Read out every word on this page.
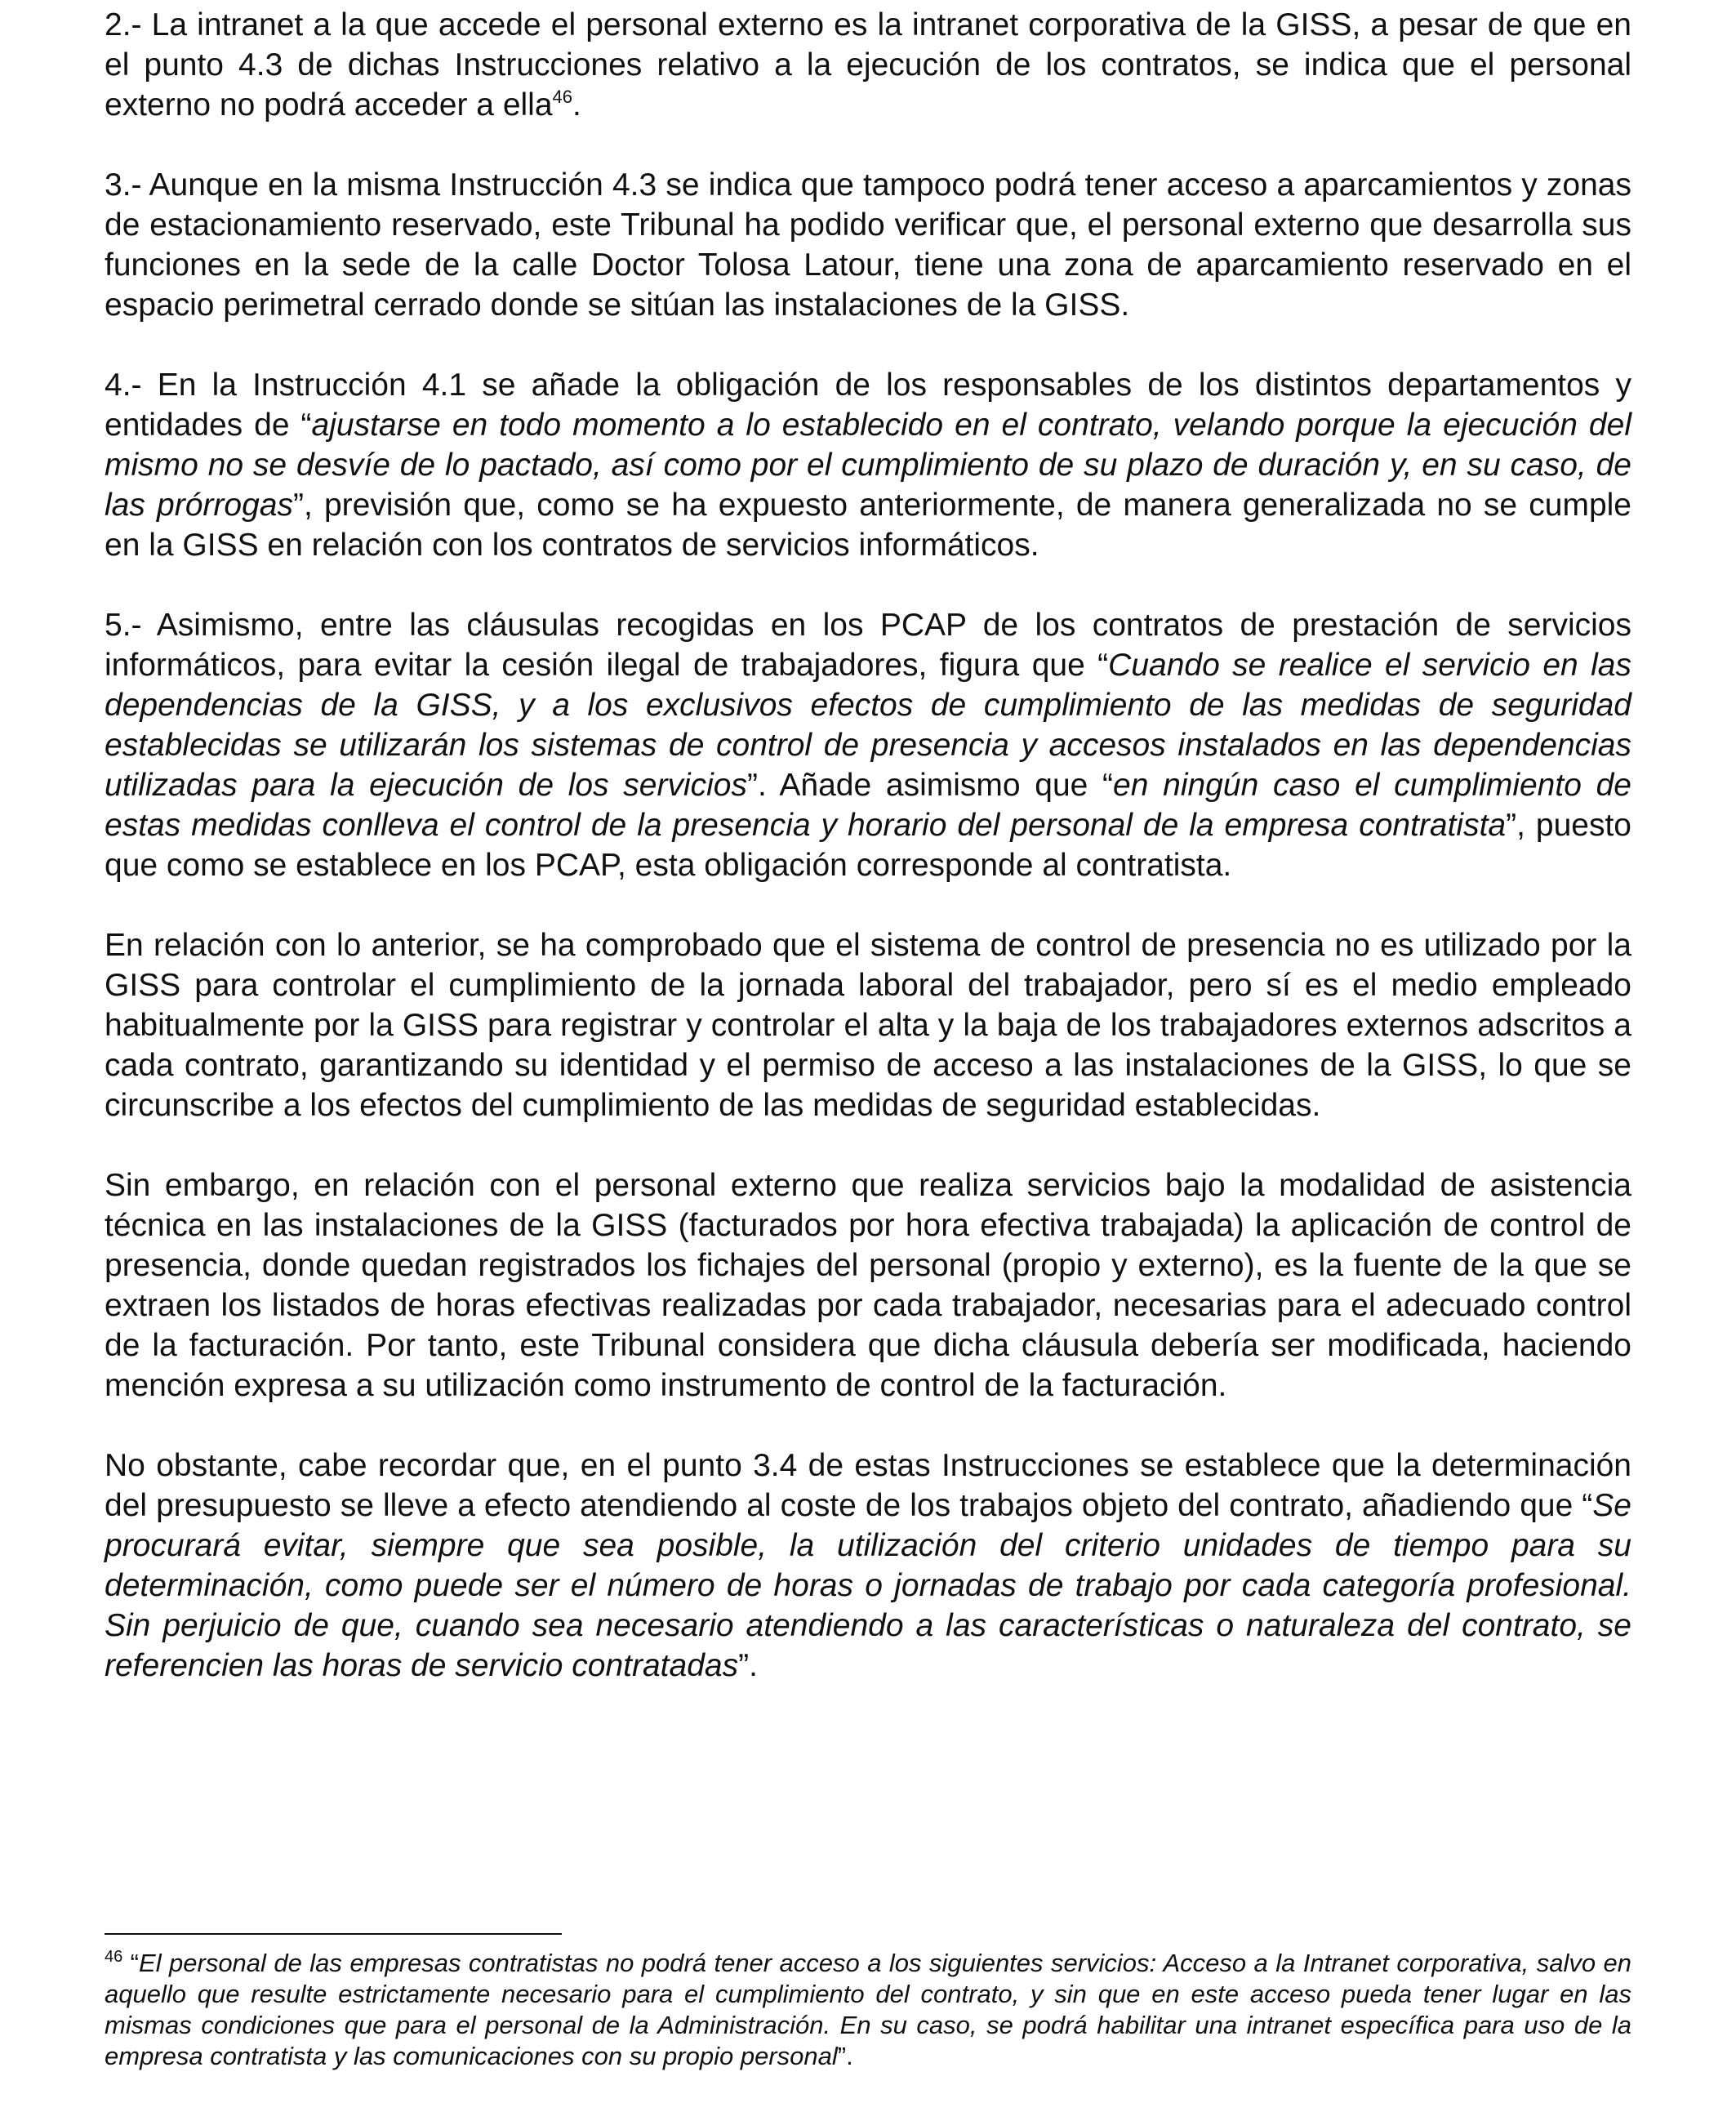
2.- La intranet a la que accede el personal externo es la intranet corporativa de la GISS, a pesar de que en el punto 4.3 de dichas Instrucciones relativo a la ejecución de los contratos, se indica que el personal externo no podrá acceder a ella$^{46}$.

3.- Aunque en la misma Instrucción 4.3 se indica que tampoco podrá tener acceso a aparcamientos y zonas de estacionamiento reservado, este Tribunal ha podido verificar que, el personal externo que desarrolla sus funciones en la sede de la calle Doctor Tolosa Latour, tiene una zona de aparcamiento reservado en el espacio perimetral cerrado donde se sitúan las instalaciones de la GISS.

4.- En la Instrucción 4.1 se añade la obligación de los responsables de los distintos departamentos y entidades de “ajustarse en todo momento a lo establecido en el contrato, velando porque la ejecución del mismo no se desvíe de lo pactado, así como por el cumplimiento de su plazo de duración y, en su caso, de las prórrogas”, previsión que, como se ha expuesto anteriormente, de manera generalizada no se cumple en la GISS en relación con los contratos de servicios informáticos.

5.- Asimismo, entre las cláusulas recogidas en los PCAP de los contratos de prestación de servicios informáticos, para evitar la cesión ilegal de trabajadores, figura que “Cuando se realice el servicio en las dependencias de la GISS, y a los exclusivos efectos de cumplimiento de las medidas de seguridad establecidas se utilizarán los sistemas de control de presencia y accesos instalados en las dependencias utilizadas para la ejecución de los servicios”. Añade asimismo que “en ningún caso el cumplimiento de estas medidas conlleva el control de la presencia y horario del personal de la empresa contratista”, puesto que como se establece en los PCAP, esta obligación corresponde al contratista.

En relación con lo anterior, se ha comprobado que el sistema de control de presencia no es utilizado por la GISS para controlar el cumplimiento de la jornada laboral del trabajador, pero sí es el medio empleado habitualmente por la GISS para registrar y controlar el alta y la baja de los trabajadores externos adscritos a cada contrato, garantizando su identidad y el permiso de acceso a las instalaciones de la GISS, lo que se circunscribe a los efectos del cumplimiento de las medidas de seguridad establecidas.

Sin embargo, en relación con el personal externo que realiza servicios bajo la modalidad de asistencia técnica en las instalaciones de la GISS (facturados por hora efectiva trabajada) la aplicación de control de presencia, donde quedan registrados los fichajes del personal (propio y externo), es la fuente de la que se extraen los listados de horas efectivas realizadas por cada trabajador, necesarias para el adecuado control de la facturación. Por tanto, este Tribunal considera que dicha cláusula debería ser modificada, haciendo mención expresa a su utilización como instrumento de control de la facturación.

No obstante, cabe recordar que, en el punto 3.4 de estas Instrucciones se establece que la determinación del presupuesto se lleve a efecto atendiendo al coste de los trabajos objeto del contrato, añadiendo que “Se procurará evitar, siempre que sea posible, la utilización del criterio unidades de tiempo para su determinación, como puede ser el número de horas o jornadas de trabajo por cada categoría profesional. Sin perjuicio de que, cuando sea necesario atendiendo a las características o naturaleza del contrato, se referencien las horas de servicio contratadas”.

$^{46}$ “El personal de las empresas contratistas no podrá tener acceso a los siguientes servicios: Acceso a la Intranet corporativa, salvo en aquello que resulte estrictamente necesario para el cumplimiento del contrato, y sin que en este acceso pueda tener lugar en las mismas condiciones que para el personal de la Administración. En su caso, se podrá habilitar una intranet específica para uso de la empresa contratista y las comunicaciones con su propio personal”.
